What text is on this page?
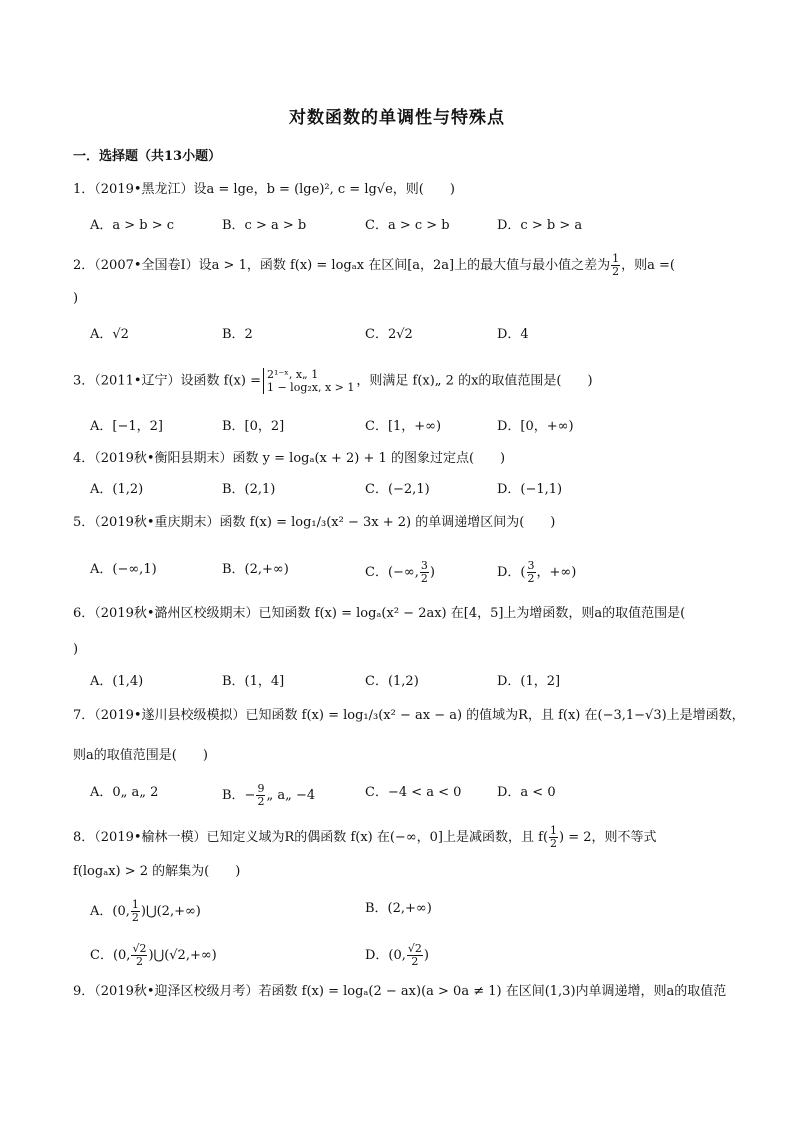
对数函数的单调性与特殊点
一．选择题（共13小题）
1．（2019•黑龙江）设a = lge，b = (lge)², c = lg√e，则(　　)
A．a > b > c	B．c > a > b	C．a > c > b	D．c > b > a
2．（2007•全国卷Ⅰ）设a > 1，函数 f(x) = logₐx 在区间[a，2a]上的最大值与最小值之差为 $\frac{1}{2}$ ，则a =(
)
A．√2	B．2	C．2√2	D．4
3．（2011•辽宁）设函数 f(x) = 2¹⁻ˣ, x„ 1
1 − log₂x, x > 1 ，则满足 f(x)„ 2 的x的取值范围是(　　)
A．[−1，2]	B．[0，2]	C．[1，+∞)	D．[0，+∞)
4．（2019秋•衡阳县期末）函数 y = logₐ(x + 2) + 1 的图象过定点(　　)
A．(1,2)	B．(2,1)	C．(−2,1)	D．(−1,1)
5．（2019秋•重庆期末）函数 f(x) = log₁/₃(x² − 3x + 2) 的单调递增区间为(　　)
A．(−∞,1)	B．(2,+∞)	C．(−∞, $\frac{3}{2}$ )	D．( $\frac{3}{2}$ ，+∞)
6．（2019秋•潞州区校级期末）已知函数 f(x) = logₐ(x² − 2ax) 在[4，5]上为增函数，则a的取值范围是(
)
A．(1,4)	B．(1，4]	C．(1,2)	D．(1，2]
7．（2019•遂川县校级模拟）已知函数 f(x) = log₁/₃(x² − ax − a) 的值域为R，且 f(x) 在(−3,1−√3)上是增函数，
则a的取值范围是(　　)
A．0„ a„ 2	B．− $\frac{9}{2}$ „ a„ −4	C．−4 < a < 0	D．a < 0
8．（2019•榆林一模）已知定义域为R的偶函数 f(x) 在(−∞，0]上是减函数，且 $f( \frac{1}{2}$ ) = 2，则不等式
f(logₐx) > 2 的解集为(　　)
A．(0, $\frac{1}{2}$ )⋃(2,+∞)	B．(2,+∞)
C．(0, $\frac{√2}{2}$ )⋃(√2,+∞)	D．(0, $\frac{√2}{2}$ )
9．（2019秋•迎泽区校级月考）若函数 f(x) = logₐ(2 − ax)(a > 0a ≠ 1) 在区间(1,3)内单调递增，则a的取值范
